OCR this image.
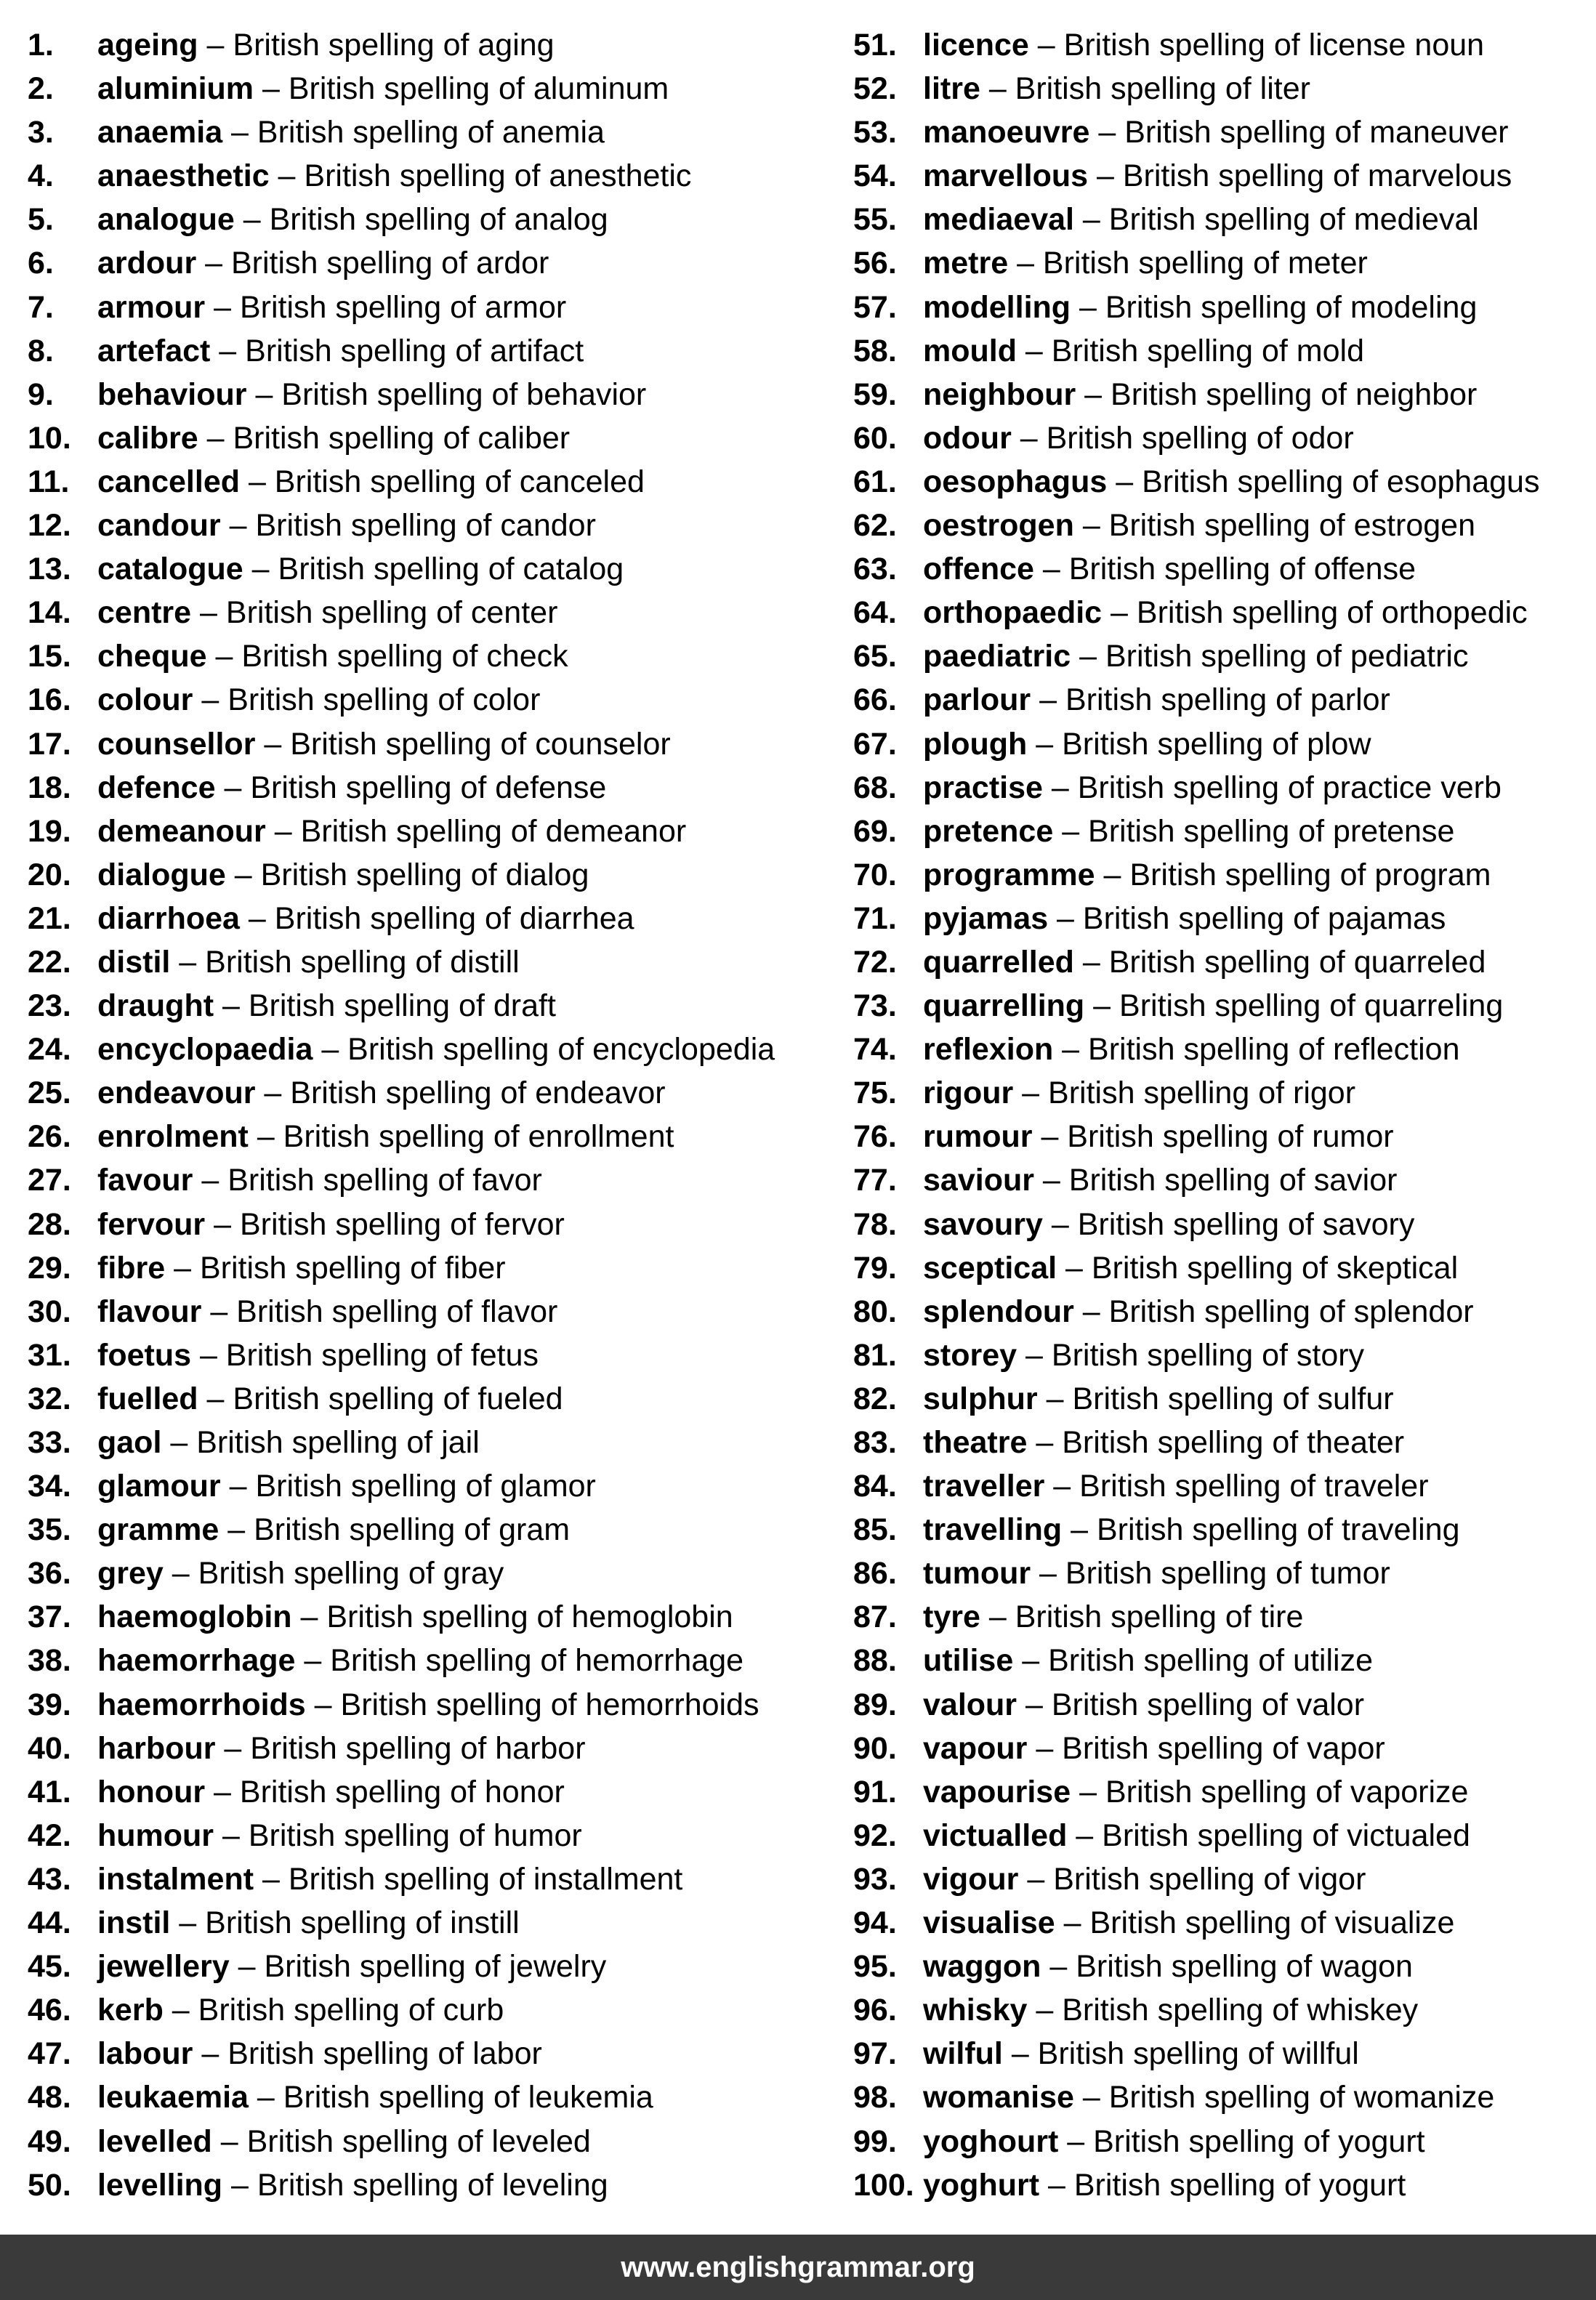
1. ageing – British spelling of aging
2. aluminium – British spelling of aluminum
3. anaemia – British spelling of anemia
4. anaesthetic – British spelling of anesthetic
5. analogue – British spelling of analog
6. ardour – British spelling of ardor
7. armour – British spelling of armor
8. artefact – British spelling of artifact
9. behaviour – British spelling of behavior
10. calibre – British spelling of caliber
11. cancelled – British spelling of canceled
12. candour – British spelling of candor
13. catalogue – British spelling of catalog
14. centre – British spelling of center
15. cheque – British spelling of check
16. colour – British spelling of color
17. counsellor – British spelling of counselor
18. defence – British spelling of defense
19. demeanour – British spelling of demeanor
20. dialogue – British spelling of dialog
21. diarrhoea – British spelling of diarrhea
22. distil – British spelling of distill
23. draught – British spelling of draft
24. encyclopaedia – British spelling of encyclopedia
25. endeavour – British spelling of endeavor
26. enrolment – British spelling of enrollment
27. favour – British spelling of favor
28. fervour – British spelling of fervor
29. fibre – British spelling of fiber
30. flavour – British spelling of flavor
31. foetus – British spelling of fetus
32. fuelled – British spelling of fueled
33. gaol – British spelling of jail
34. glamour – British spelling of glamor
35. gramme – British spelling of gram
36. grey – British spelling of gray
37. haemoglobin – British spelling of hemoglobin
38. haemorrhage – British spelling of hemorrhage
39. haemorrhoids – British spelling of hemorrhoids
40. harbour – British spelling of harbor
41. honour – British spelling of honor
42. humour – British spelling of humor
43. instalment – British spelling of installment
44. instil – British spelling of instill
45. jewellery – British spelling of jewelry
46. kerb – British spelling of curb
47. labour – British spelling of labor
48. leukaemia – British spelling of leukemia
49. levelled – British spelling of leveled
50. levelling – British spelling of leveling
51. licence – British spelling of license noun
52. litre – British spelling of liter
53. manoeuvre – British spelling of maneuver
54. marvellous – British spelling of marvelous
55. mediaeval – British spelling of medieval
56. metre – British spelling of meter
57. modelling – British spelling of modeling
58. mould – British spelling of mold
59. neighbour – British spelling of neighbor
60. odour – British spelling of odor
61. oesophagus – British spelling of esophagus
62. oestrogen – British spelling of estrogen
63. offence – British spelling of offense
64. orthopaedic – British spelling of orthopedic
65. paediatric – British spelling of pediatric
66. parlour – British spelling of parlor
67. plough – British spelling of plow
68. practise – British spelling of practice verb
69. pretence – British spelling of pretense
70. programme – British spelling of program
71. pyjamas – British spelling of pajamas
72. quarrelled – British spelling of quarreled
73. quarrelling – British spelling of quarreling
74. reflexion – British spelling of reflection
75. rigour – British spelling of rigor
76. rumour – British spelling of rumor
77. saviour – British spelling of savior
78. savoury – British spelling of savory
79. sceptical – British spelling of skeptical
80. splendour – British spelling of splendor
81. storey – British spelling of story
82. sulphur – British spelling of sulfur
83. theatre – British spelling of theater
84. traveller – British spelling of traveler
85. travelling – British spelling of traveling
86. tumour – British spelling of tumor
87. tyre – British spelling of tire
88. utilise – British spelling of utilize
89. valour – British spelling of valor
90. vapour – British spelling of vapor
91. vapourise – British spelling of vaporize
92. victualled – British spelling of victualed
93. vigour – British spelling of vigor
94. visualise – British spelling of visualize
95. waggon – British spelling of wagon
96. whisky – British spelling of whiskey
97. wilful – British spelling of willful
98. womanise – British spelling of womanize
99. yoghourt – British spelling of yogurt
100. yoghurt – British spelling of yogurt
www.englishgrammar.org
